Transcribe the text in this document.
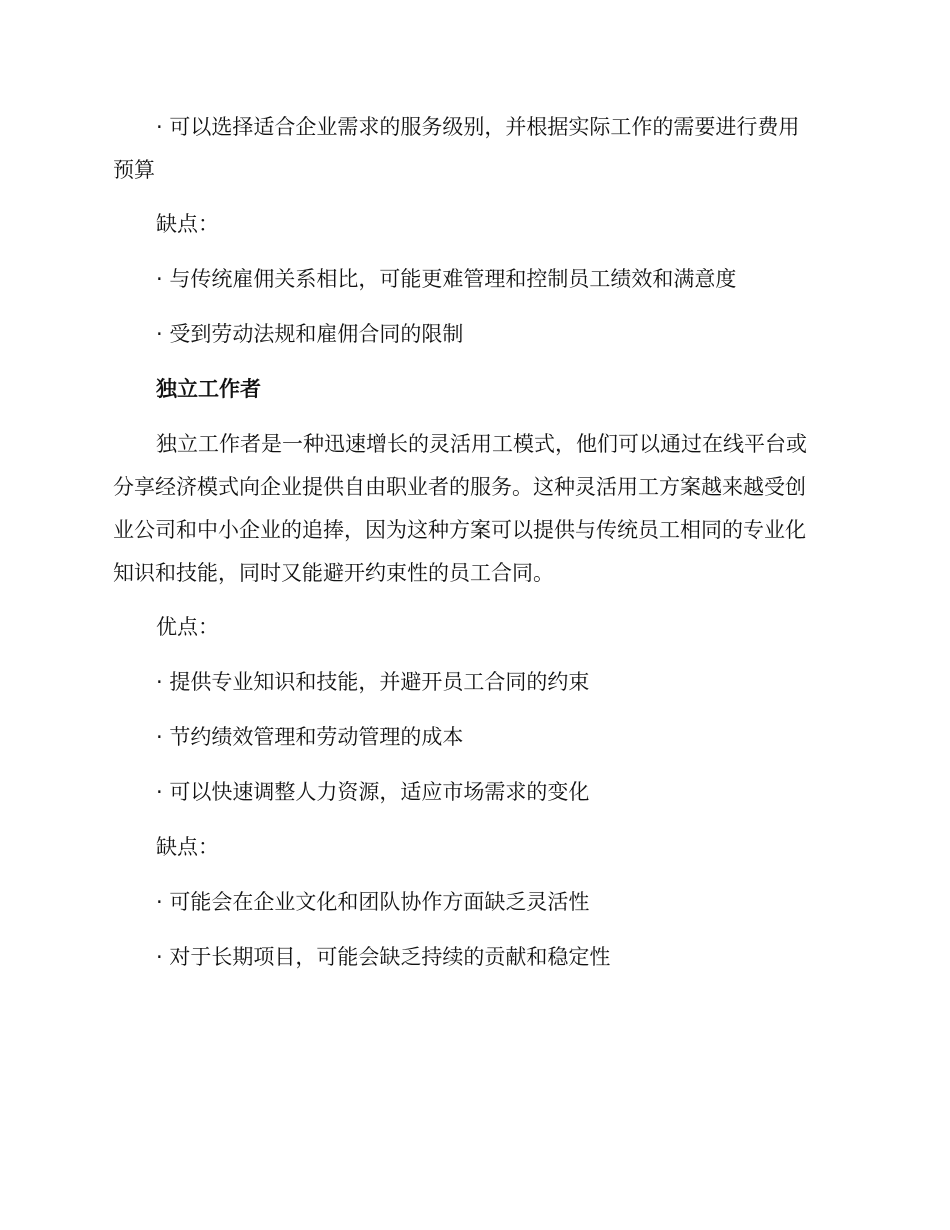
· 可以选择适合企业需求的服务级别，并根据实际工作的需要进行费用
预算
缺点：
· 与传统雇佣关系相比，可能更难管理和控制员工绩效和满意度
· 受到劳动法规和雇佣合同的限制
独立工作者
独立工作者是一种迅速增长的灵活用工模式，他们可以通过在线平台或
分享经济模式向企业提供自由职业者的服务。这种灵活用工方案越来越受创
业公司和中小企业的追捧，因为这种方案可以提供与传统员工相同的专业化
知识和技能，同时又能避开约束性的员工合同。
优点：
· 提供专业知识和技能，并避开员工合同的约束
· 节约绩效管理和劳动管理的成本
· 可以快速调整人力资源，适应市场需求的变化
缺点：
· 可能会在企业文化和团队协作方面缺乏灵活性
· 对于长期项目，可能会缺乏持续的贡献和稳定性
